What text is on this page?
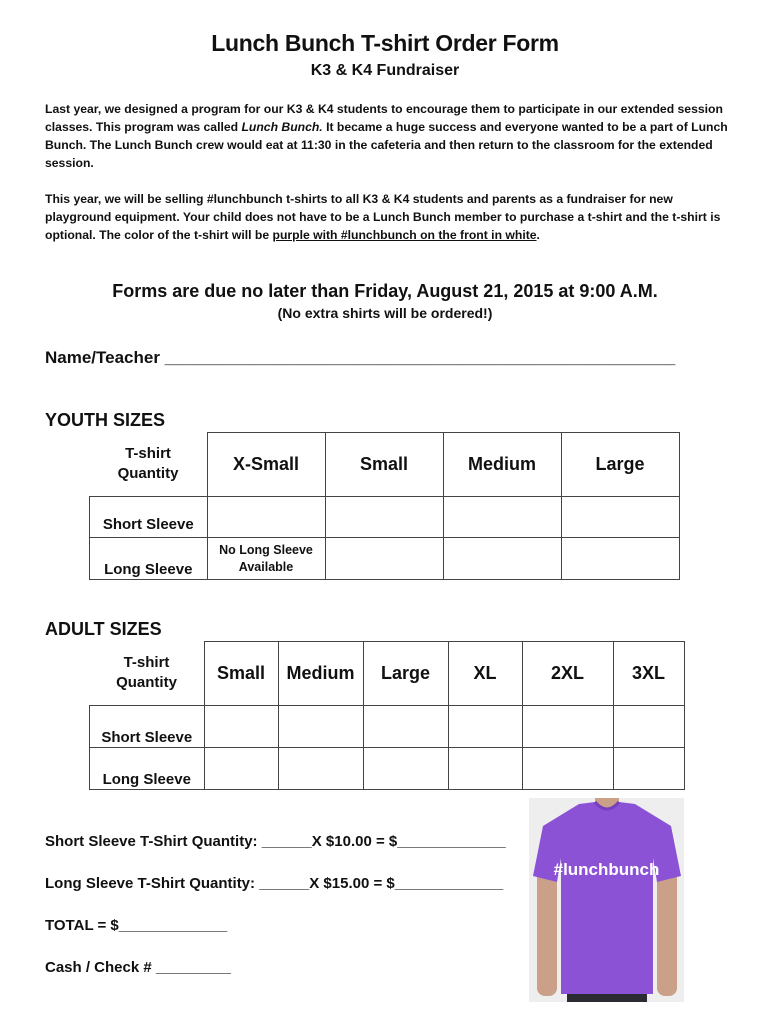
Lunch Bunch T-shirt Order Form
K3 & K4 Fundraiser
Last year, we designed a program for our K3 & K4 students to encourage them to participate in our extended session classes. This program was called Lunch Bunch. It became a huge success and everyone wanted to be a part of Lunch Bunch. The Lunch Bunch crew would eat at 11:30 in the cafeteria and then return to the classroom for the extended session.
This year, we will be selling #lunchbunch t-shirts to all K3 & K4 students and parents as a fundraiser for new playground equipment. Your child does not have to be a Lunch Bunch member to purchase a t-shirt and the t-shirt is optional. The color of the t-shirt will be purple with #lunchbunch on the front in white.
Forms are due no later than Friday, August 21, 2015 at 9:00 A.M.
(No extra shirts will be ordered!)
Name/Teacher ______________________________________________________
YOUTH SIZES
T-shirt
Quantity	X-Small	Small	Medium	Large
Short Sleeve				
Long Sleeve	No Long Sleeve
Available			

ADULT SIZES
T-shirt
Quantity	Small	Medium	Large	XL	2XL	3XL
Short Sleeve						
Long Sleeve						
Short Sleeve T-Shirt Quantity: ______X $10.00 = $_____________
Long Sleeve T-Shirt Quantity: ______X $15.00 = $_____________
TOTAL = $_____________
Cash / Check # _________
#lunchbunch
